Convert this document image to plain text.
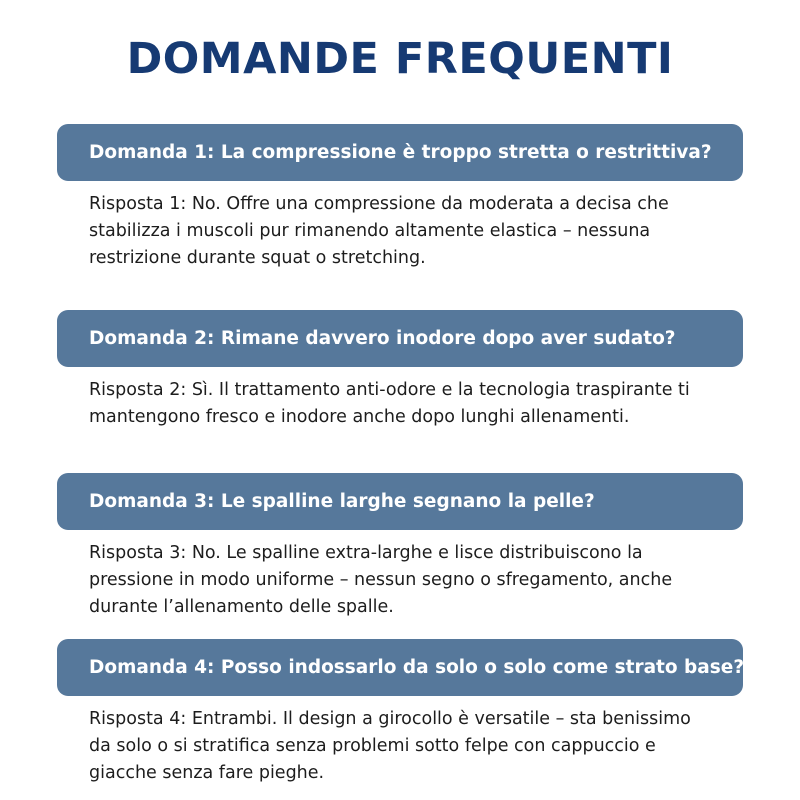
DOMANDE FREQUENTI
Domanda 1: La compressione è troppo stretta o restrittiva?
Risposta 1: No. Offre una compressione da moderata a decisa che
stabilizza i muscoli pur rimanendo altamente elastica – nessuna
restrizione durante squat o stretching.
Domanda 2: Rimane davvero inodore dopo aver sudato?
Risposta 2: Sì. Il trattamento anti-odore e la tecnologia traspirante ti
mantengono fresco e inodore anche dopo lunghi allenamenti.
Domanda 3: Le spalline larghe segnano la pelle?
Risposta 3: No. Le spalline extra-larghe e lisce distribuiscono la
pressione in modo uniforme – nessun segno o sfregamento, anche
durante l’allenamento delle spalle.
Domanda 4: Posso indossarlo da solo o solo come strato base?
Risposta 4: Entrambi. Il design a girocollo è versatile – sta benissimo
da solo o si stratifica senza problemi sotto felpe con cappuccio e
giacche senza fare pieghe.
